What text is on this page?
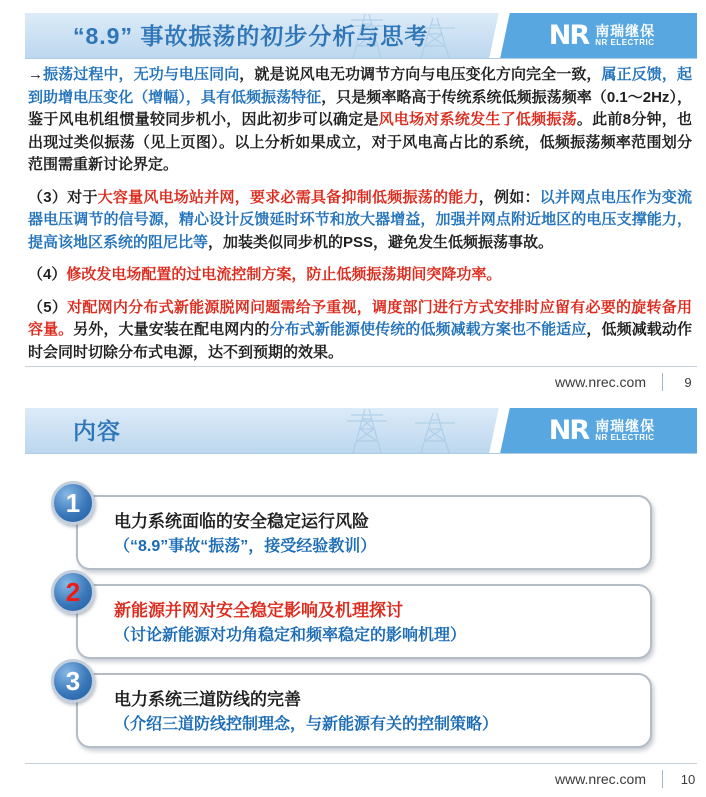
NR 南瑞继保
NR ELECTRIC
“8.9” 事故振荡的初步分析与思考

→振荡过程中，无功与电压同向，就是说风电无功调节方向与电压变化方向完全一致，属正反馈，起到助增电压变化（增幅），具有低频振荡特征，只是频率略高于传统系统低频振荡频率（0.1～2Hz），鉴于风电机组惯量较同步机小，因此初步可以确定是风电场对系统发生了低频振荡。此前8分钟，也出现过类似振荡（见上页图）。以上分析如果成立，对于风电高占比的系统，低频振荡频率范围划分范围需重新讨论界定。

（3）对于大容量风电场站并网，要求必需具备抑制低频振荡的能力，例如：以并网点电压作为变流器电压调节的信号源，精心设计反馈延时环节和放大器增益，加强并网点附近地区的电压支撑能力，提高该地区系统的阻尼比等，加装类似同步机的PSS，避免发生低频振荡事故。

（4）修改发电场配置的过电流控制方案，防止低频振荡期间突降功率。

（5）对配网内分布式新能源脱网问题需给予重视，调度部门进行方式安排时应留有必要的旋转备用容量。另外，大量安装在配电网内的分布式新能源使传统的低频减载方案也不能适应，低频减载动作时会同时切除分布式电源，达不到预期的效果。

www.nrec.com	9
NR 南瑞继保
NR ELECTRIC
内容
1
电力系统面临的安全稳定运行风险
（“8.9”事故“振荡”，接受经验教训）
2
新能源并网对安全稳定影响及机理探讨
（讨论新能源对功角稳定和频率稳定的影响机理）
3
电力系统三道防线的完善
（介绍三道防线控制理念，与新能源有关的控制策略）
www.nrec.com	10
